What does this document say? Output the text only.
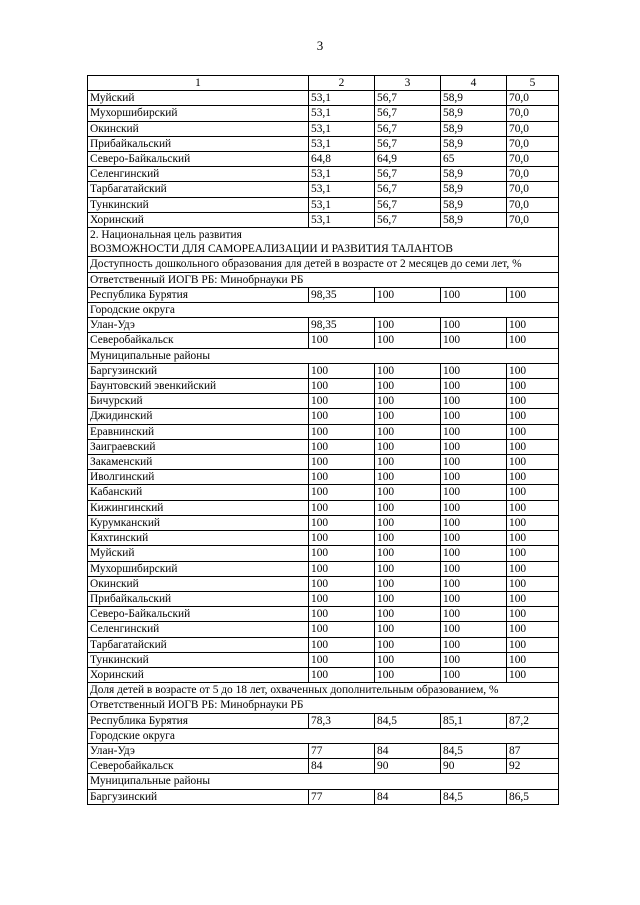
3
1	2	3	4	5
Муйский	53,1	56,7	58,9	70,0
Мухоршибирский	53,1	56,7	58,9	70,0
Окинский	53,1	56,7	58,9	70,0
Прибайкальский	53,1	56,7	58,9	70,0
Северо-Байкальский	64,8	64,9	65	70,0
Селенгинский	53,1	56,7	58,9	70,0
Тарбагатайский	53,1	56,7	58,9	70,0
Тункинский	53,1	56,7	58,9	70,0
Хоринский	53,1	56,7	58,9	70,0
2. Национальная цель развития
ВОЗМОЖНОСТИ ДЛЯ САМОРЕАЛИЗАЦИИ И РАЗВИТИЯ ТАЛАНТОВ				
Доступность дошкольного образования для детей в возрасте от 2 месяцев до семи лет, %				
Ответственный ИОГВ РБ: Минобрнауки РБ				
Республика Бурятия	98,35	100	100	100
Городские округа				
Улан-Удэ	98,35	100	100	100
Северобайкальск	100	100	100	100
Муниципальные районы				
Баргузинский	100	100	100	100
Баунтовский эвенкийский	100	100	100	100
Бичурский	100	100	100	100
Джидинский	100	100	100	100
Еравнинский	100	100	100	100
Заиграевский	100	100	100	100
Закаменский	100	100	100	100
Иволгинский	100	100	100	100
Кабанский	100	100	100	100
Кижингинский	100	100	100	100
Курумканский	100	100	100	100
Кяхтинский	100	100	100	100
Муйский	100	100	100	100
Мухоршибирский	100	100	100	100
Окинский	100	100	100	100
Прибайкальский	100	100	100	100
Северо-Байкальский	100	100	100	100
Селенгинский	100	100	100	100
Тарбагатайский	100	100	100	100
Тункинский	100	100	100	100
Хоринский	100	100	100	100
Доля детей в возрасте от 5 до 18 лет, охваченных дополнительным образованием, %				
Ответственный ИОГВ РБ: Минобрнауки РБ				
Республика Бурятия	78,3	84,5	85,1	87,2
Городские округа				
Улан-Удэ	77	84	84,5	87
Северобайкальск	84	90	90	92
Муниципальные районы				
Баргузинский	77	84	84,5	86,5
